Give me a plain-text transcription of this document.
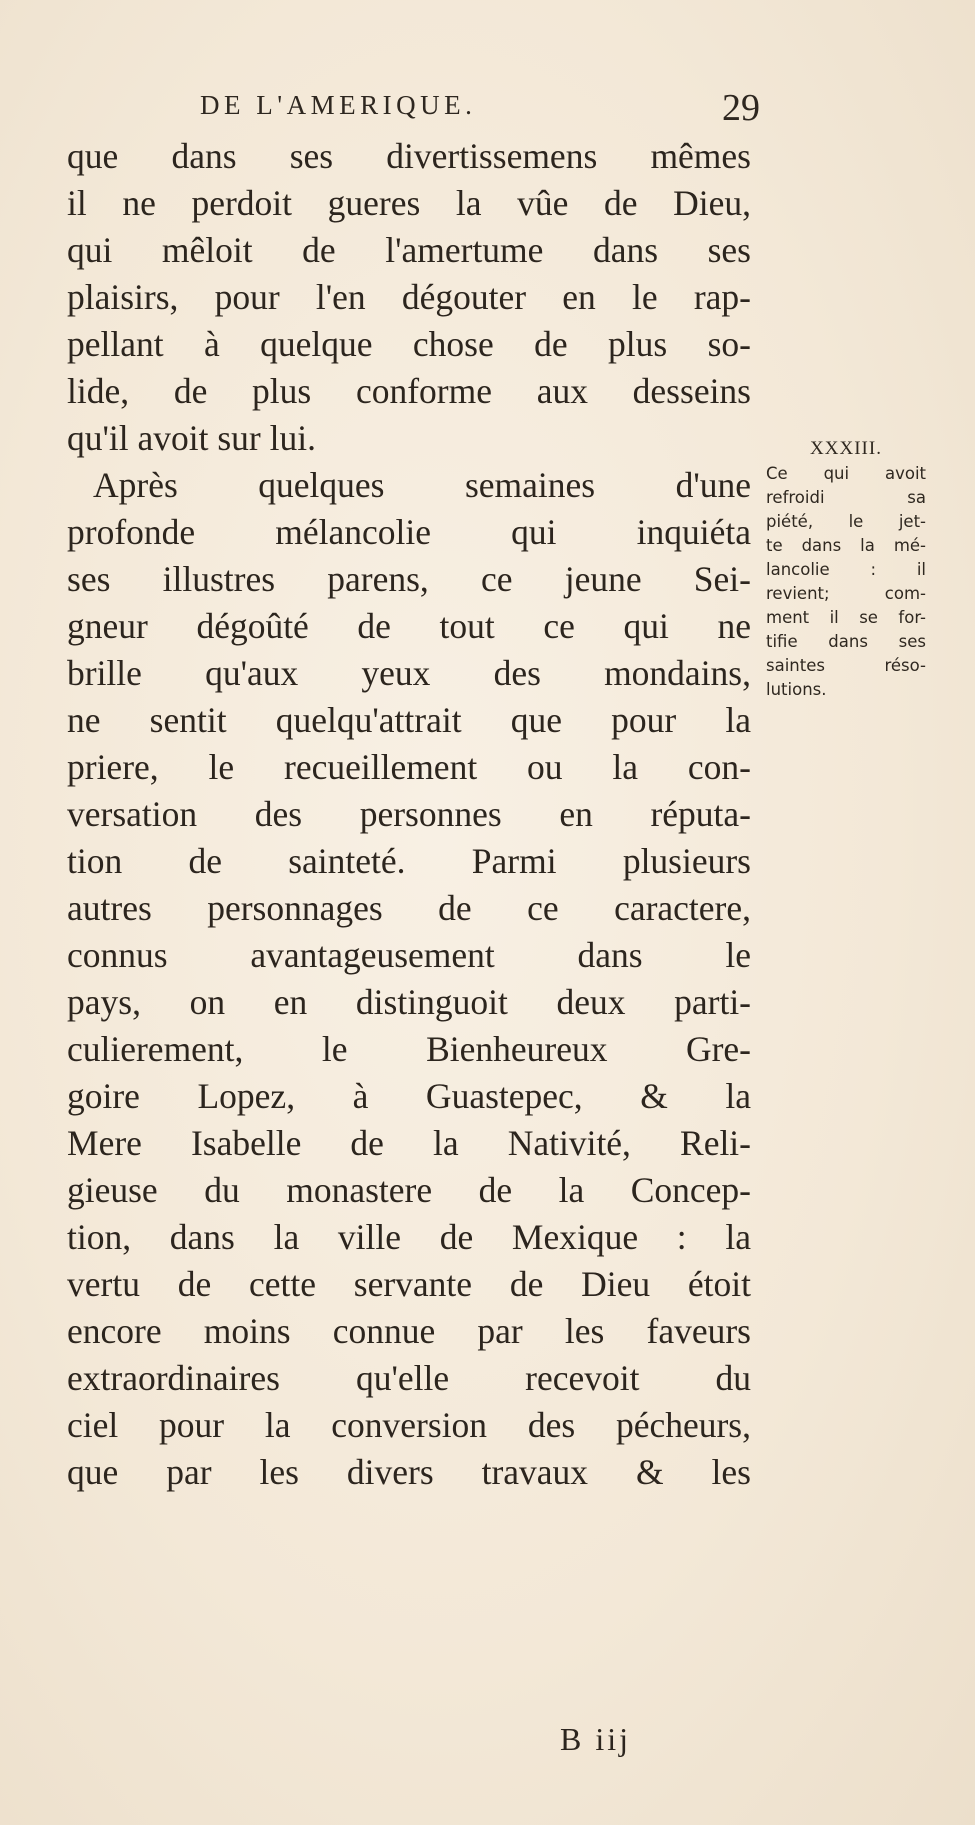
DE L'AMERIQUE.	29
que dans ses divertissemens mêmes
il ne perdoit gueres la vûe de Dieu,
qui mêloit de l'amertume dans ses
plaisirs, pour l'en dégouter en le rap-
pellant à quelque chose de plus so-
lide, de plus conforme aux desseins
qu'il avoit sur lui.
Après quelques semaines d'une
profonde mélancolie qui inquiéta
ses illustres parens, ce jeune Sei-
gneur dégoûté de tout ce qui ne
brille qu'aux yeux des mondains,
ne sentit quelqu'attrait que pour la
priere, le recueillement ou la con-
versation des personnes en réputa-
tion de sainteté. Parmi plusieurs
autres personnages de ce caractere,
connus avantageusement dans le
pays, on en distinguoit deux parti-
culierement, le Bienheureux Gre-
goire Lopez, à Guastepec, & la
Mere Isabelle de la Nativité, Reli-
gieuse du monastere de la Concep-
tion, dans la ville de Mexique : la
vertu de cette servante de Dieu étoit
encore moins connue par les faveurs
extraordinaires qu'elle recevoit du
ciel pour la conversion des pécheurs,
que par les divers travaux & les
XXXIII.
Ce qui avoit
refroidi sa
piété, le jet-
te dans la mé-
lancolie : il
revient; com-
ment il se for-
tifie dans ses
saintes réso-
lutions.
B iij
